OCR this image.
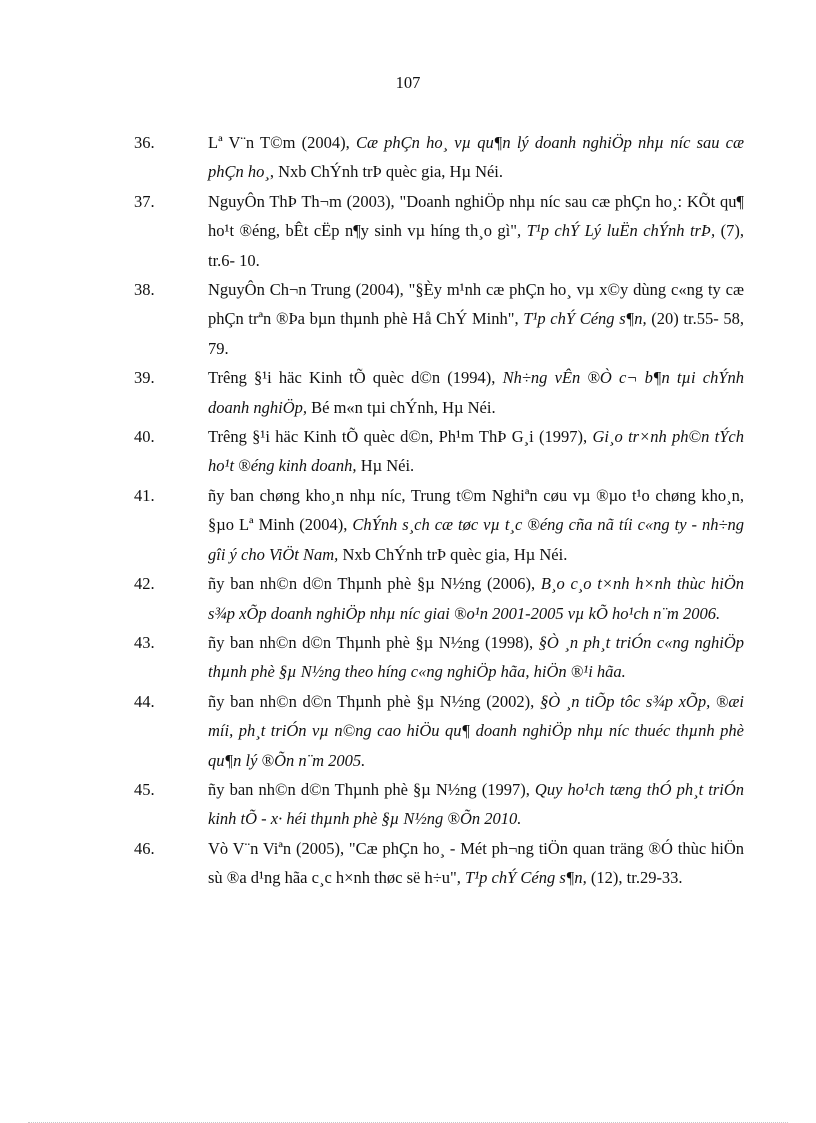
107
36.	Lª V¨n T©m (2004), Cæ phÇn ho¸ vµ qu¶n lý doanh nghiÖp nhµ níc sau cæ phÇn ho¸, Nxb ChÝnh trÞ quèc gia, Hµ Néi.
37.	NguyÔn ThÞ Th¬m (2003), "Doanh nghiÖp nhµ níc sau cæ phÇn ho¸: KÕt qu¶ ho¹t ®éng, bÊt cËp n¶y sinh vµ híng th¸o gì", T¹p chÝ Lý luËn chÝnh trÞ, (7), tr.6- 10.
38.	NguyÔn Ch¬n Trung (2004), "§Èy m¹nh cæ phÇn ho¸ vµ x©y dùng c«ng ty cæ phÇn trªn ®Þa bµn thµnh phè Hå ChÝ Minh", T¹p chÝ Céng s¶n, (20) tr.55- 58, 79.
39.	Trêng §¹i häc Kinh tÕ quèc d©n (1994), Nh÷ng vÊn ®Ò c¬ b¶n tµi chÝnh doanh nghiÖp, Bé m«n tµi chÝnh, Hµ Néi.
40.	Trêng §¹i häc Kinh tÕ quèc d©n, Ph¹m ThÞ G¸i (1997), Gi¸o tr×nh ph©n tÝch ho¹t ®éng kinh doanh, Hµ Néi.
41.	ñy ban chøng kho¸n nhµ níc, Trung t©m Nghiªn cøu vµ ®µo t¹o chøng kho¸n, §µo Lª Minh (2004), ChÝnh s¸ch cæ tøc vµ t¸c ®éng cña nã tíi c«ng ty - nh÷ng gîi ý cho ViÖt Nam, Nxb ChÝnh trÞ quèc gia, Hµ Néi.
42.	ñy ban nh©n d©n Thµnh phè §µ N½ng (2006), B¸o c¸o t×nh h×nh thùc hiÖn s¾p xÕp doanh nghiÖp nhµ níc giai ®o¹n 2001-2005 vµ kÕ ho¹ch n¨m 2006.
43.	ñy ban nh©n d©n Thµnh phè §µ N½ng (1998), §Ò ¸n ph¸t triÓn c«ng nghiÖp thµnh phè §µ N½ng theo híng c«ng nghiÖp hãa, hiÖn ®¹i hãa.
44.	ñy ban nh©n d©n Thµnh phè §µ N½ng (2002), §Ò ¸n tiÕp tôc s¾p xÕp, ®æi míi, ph¸t triÓn vµ n©ng cao hiÖu qu¶ doanh nghiÖp nhµ níc thuéc thµnh phè qu¶n lý ®Õn n¨m 2005.
45.	ñy ban nh©n d©n Thµnh phè §µ N½ng (1997), Quy ho¹ch tæng thÓ ph¸t triÓn kinh tÕ - x· héi thµnh phè §µ N½ng ®Õn 2010.
46.	Vò V¨n Viªn (2005), "Cæ phÇn ho¸ - Mét ph¬ng tiÖn quan träng ®Ó thùc hiÖn sù ®a d¹ng hãa c¸c h×nh thøc së h÷u", T¹p chÝ Céng s¶n, (12), tr.29-33.
